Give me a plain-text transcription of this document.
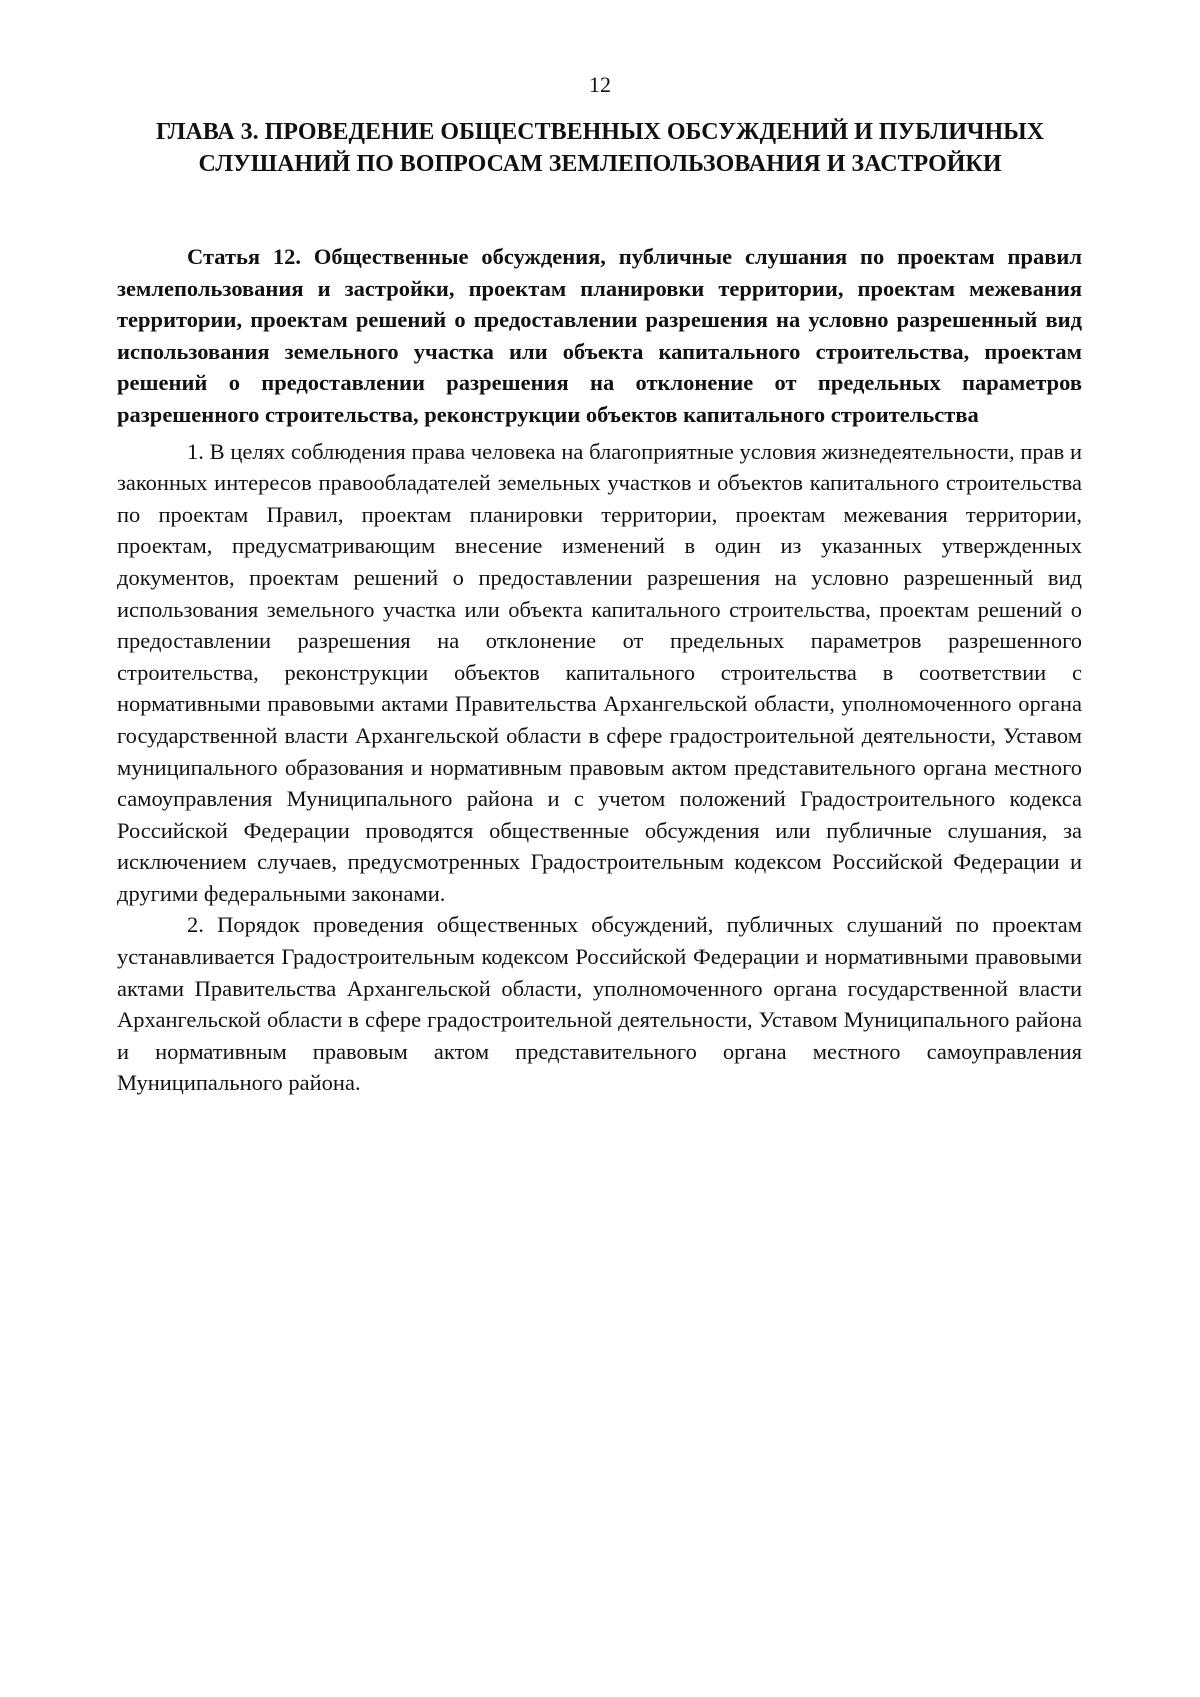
12
ГЛАВА 3. ПРОВЕДЕНИЕ ОБЩЕСТВЕННЫХ ОБСУЖДЕНИЙ И ПУБЛИЧНЫХ СЛУШАНИЙ ПО ВОПРОСАМ ЗЕМЛЕПОЛЬЗОВАНИЯ И ЗАСТРОЙКИ

Статья 12. Общественные обсуждения, публичные слушания по проектам правил землепользования и застройки, проектам планировки территории, проектам межевания территории, проектам решений о предоставлении разрешения на условно разрешенный вид использования земельного участка или объекта капитального строительства, проектам решений о предоставлении разрешения на отклонение от предельных параметров разрешенного строительства, реконструкции объектов капитального строительства

1. В целях соблюдения права человека на благоприятные условия жизнедеятельности, прав и законных интересов правообладателей земельных участков и объектов капитального строительства по проектам Правил, проектам планировки территории, проектам межевания территории, проектам, предусматривающим внесение изменений в один из указанных утвержденных документов, проектам решений о предоставлении разрешения на условно разрешенный вид использования земельного участка или объекта капитального строительства, проектам решений о предоставлении разрешения на отклонение от предельных параметров разрешенного строительства, реконструкции объектов капитального строительства в соответствии с нормативными правовыми актами Правительства Архангельской области, уполномоченного органа государственной власти Архангельской области в сфере градостроительной деятельности, Уставом муниципального образования и нормативным правовым актом представительного органа местного самоуправления Муниципального района и с учетом положений Градостроительного кодекса Российской Федерации проводятся общественные обсуждения или публичные слушания, за исключением случаев, предусмотренных Градостроительным кодексом Российской Федерации и другими федеральными законами.

2. Порядок проведения общественных обсуждений, публичных слушаний по проектам устанавливается Градостроительным кодексом Российской Федерации и нормативными правовыми актами Правительства Архангельской области, уполномоченного органа государственной власти Архангельской области в сфере градостроительной деятельности, Уставом Муниципального района и нормативным правовым актом представительного органа местного самоуправления Муниципального района.
